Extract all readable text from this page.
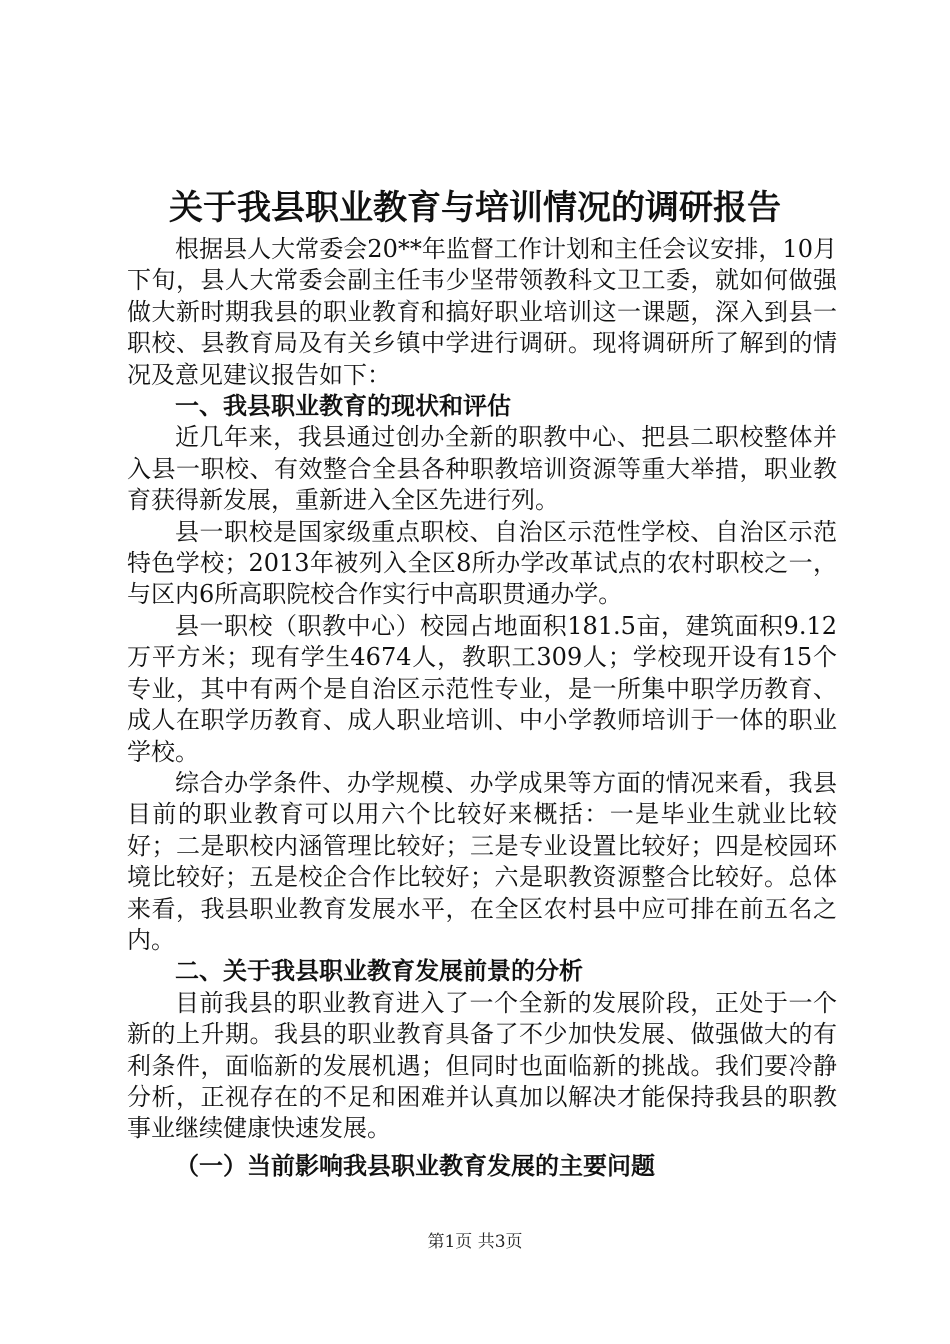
关于我县职业教育与培训情况的调研报告

根据县人大常委会20**年监督工作计划和主任会议安排，10月下旬，县人大常委会副主任韦少坚带领教科文卫工委，就如何做强做大新时期我县的职业教育和搞好职业培训这一课题，深入到县一职校、县教育局及有关乡镇中学进行调研。现将调研所了解到的情况及意见建议报告如下：

一、我县职业教育的现状和评估

近几年来，我县通过创办全新的职教中心、把县二职校整体并入县一职校、有效整合全县各种职教培训资源等重大举措，职业教育获得新发展，重新进入全区先进行列。

县一职校是国家级重点职校、自治区示范性学校、自治区示范特色学校；2013年被列入全区8所办学改革试点的农村职校之一，与区内6所高职院校合作实行中高职贯通办学。

县一职校（职教中心）校园占地面积181.5亩，建筑面积9.12万平方米；现有学生4674人，教职工309人；学校现开设有15个专业，其中有两个是自治区示范性专业，是一所集中职学历教育、成人在职学历教育、成人职业培训、中小学教师培训于一体的职业学校。

综合办学条件、办学规模、办学成果等方面的情况来看，我县目前的职业教育可以用六个比较好来概括：一是毕业生就业比较好；二是职校内涵管理比较好；三是专业设置比较好；四是校园环境比较好；五是校企合作比较好；六是职教资源整合比较好。总体来看，我县职业教育发展水平，在全区农村县中应可排在前五名之内。

二、关于我县职业教育发展前景的分析

目前我县的职业教育进入了一个全新的发展阶段，正处于一个新的上升期。我县的职业教育具备了不少加快发展、做强做大的有利条件，面临新的发展机遇；但同时也面临新的挑战。我们要冷静分析，正视存在的不足和困难并认真加以解决才能保持我县的职教事业继续健康快速发展。

（一）当前影响我县职业教育发展的主要问题
第1页 共3页
